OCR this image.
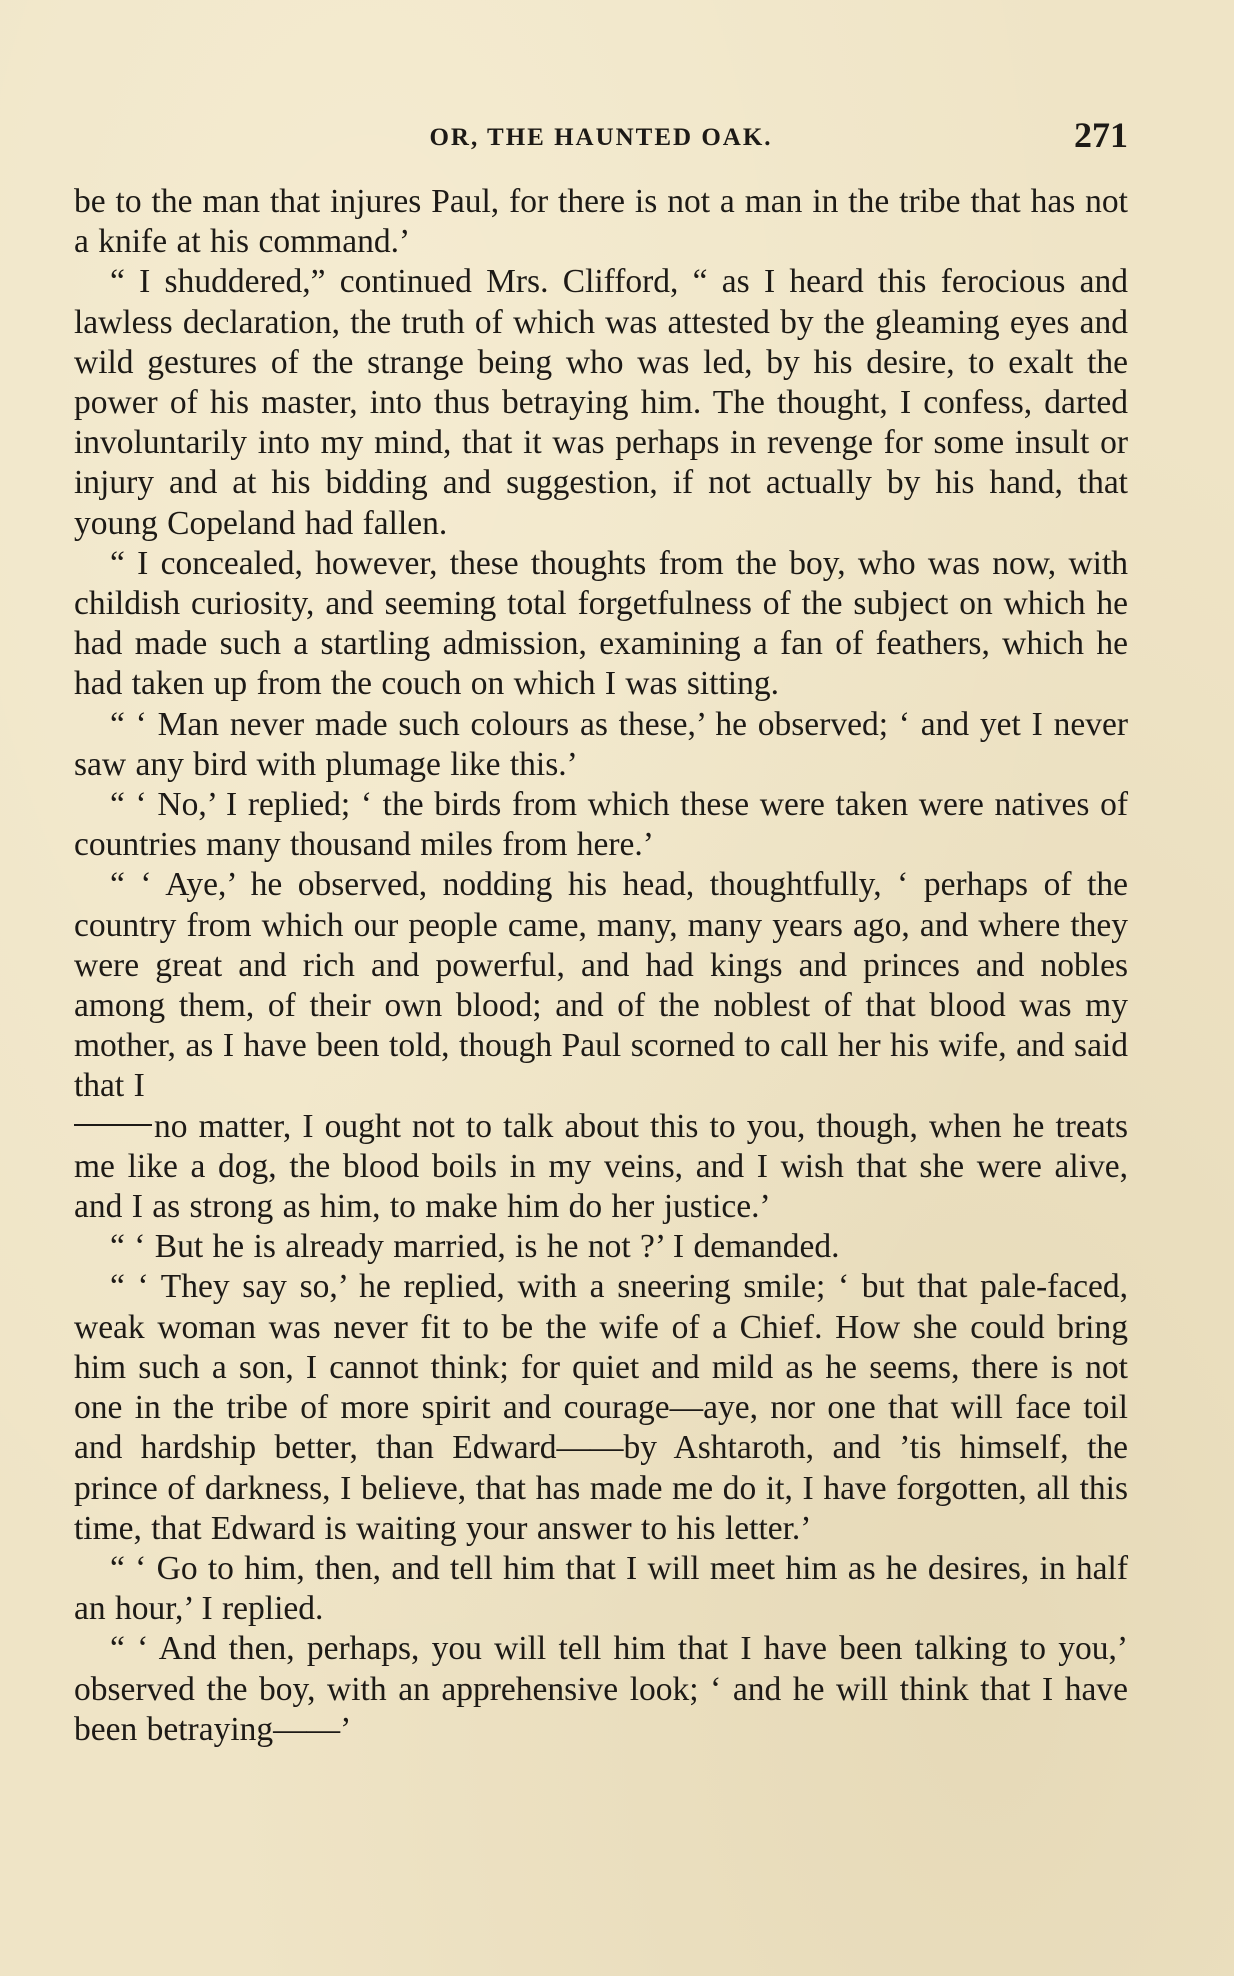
OR, THE HAUNTED OAK.	271

be to the man that injures Paul, for there is not a man in the tribe that has not a knife at his command.’

“ I shuddered,” continued Mrs. Clifford, “ as I heard this ferocious and lawless declaration, the truth of which was attested by the gleaming eyes and wild gestures of the strange being who was led, by his desire, to exalt the power of his master, into thus betraying him. The thought, I confess, darted involuntarily into my mind, that it was perhaps in revenge for some insult or injury and at his bidding and suggestion, if not actually by his hand, that young Copeland had fallen.

“ I concealed, however, these thoughts from the boy, who was now, with childish curiosity, and seeming total forgetfulness of the subject on which he had made such a startling admission, examining a fan of feathers, which he had taken up from the couch on which I was sitting.

“ ‘ Man never made such colours as these,’ he observed; ‘ and yet I never saw any bird with plumage like this.’

“ ‘ No,’ I replied; ‘ the birds from which these were taken were natives of countries many thousand miles from here.’

“ ‘ Aye,’ he observed, nodding his head, thoughtfully, ‘ perhaps of the country from which our people came, many, many years ago, and where they were great and rich and powerful, and had kings and princes and nobles among them, of their own blood; and of the noblest of that blood was my mother, as I have been told, though Paul scorned to call her his wife, and said that I

no matter, I ought not to talk about this to you, though, when he treats me like a dog, the blood boils in my veins, and I wish that she were alive, and I as strong as him, to make him do her justice.’

“ ‘ But he is already married, is he not ?’ I demanded.

“ ‘ They say so,’ he replied, with a sneering smile; ‘ but that pale-faced, weak woman was never fit to be the wife of a Chief. How she could bring him such a son, I cannot think; for quiet and mild as he seems, there is not one in the tribe of more spirit and courage—aye, nor one that will face toil and hardship better, than Edward——by Ashtaroth, and ’tis himself, the prince of darkness, I believe, that has made me do it, I have forgotten, all this time, that Edward is waiting your answer to his letter.’

“ ‘ Go to him, then, and tell him that I will meet him as he desires, in half an hour,’ I replied.

“ ‘ And then, perhaps, you will tell him that I have been talking to you,’ observed the boy, with an apprehensive look; ‘ and he will think that I have been betraying——’
